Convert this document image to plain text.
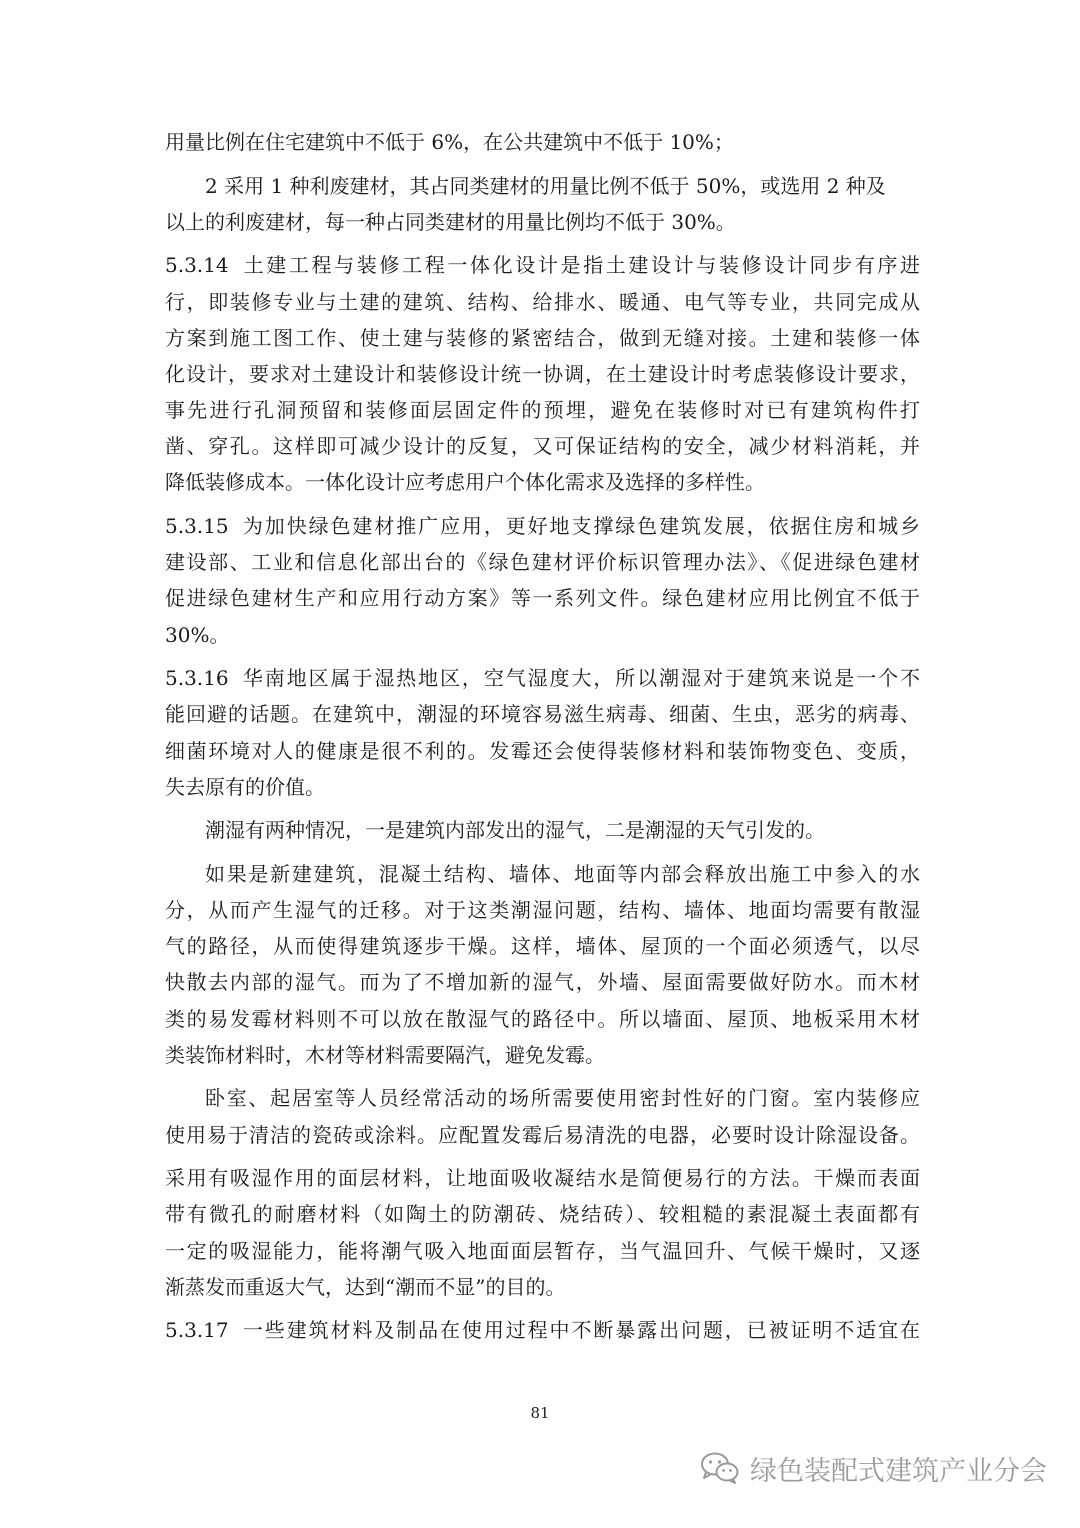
用量比例在住宅建筑中不低于 6%，在公共建筑中不低于 10%；
2 采用 1 种利废建材，其占同类建材的用量比例不低于 50%，或选用 2 种及
以上的利废建材，每一种占同类建材的用量比例均不低于 30%。
5.3.14 土建工程与装修工程一体化设计是指土建设计与装修设计同步有序进
行，即装修专业与土建的建筑、结构、给排水、暖通、电气等专业，共同完成从
方案到施工图工作、使土建与装修的紧密结合，做到无缝对接。土建和装修一体
化设计，要求对土建设计和装修设计统一协调，在土建设计时考虑装修设计要求，
事先进行孔洞预留和装修面层固定件的预埋，避免在装修时对已有建筑构件打
凿、穿孔。这样即可减少设计的反复，又可保证结构的安全，减少材料消耗，并
降低装修成本。一体化设计应考虑用户个体化需求及选择的多样性。
5.3.15 为加快绿色建材推广应用，更好地支撑绿色建筑发展，依据住房和城乡
建设部、工业和信息化部出台的《绿色建材评价标识管理办法》、《促进绿色建材
促进绿色建材生产和应用行动方案》等一系列文件。绿色建材应用比例宜不低于
30%。
5.3.16 华南地区属于湿热地区，空气湿度大，所以潮湿对于建筑来说是一个不
能回避的话题。在建筑中，潮湿的环境容易滋生病毒、细菌、生虫，恶劣的病毒、
细菌环境对人的健康是很不利的。发霉还会使得装修材料和装饰物变色、变质，
失去原有的价值。
潮湿有两种情况，一是建筑内部发出的湿气，二是潮湿的天气引发的。
如果是新建建筑，混凝土结构、墙体、地面等内部会释放出施工中参入的水
分，从而产生湿气的迁移。对于这类潮湿问题，结构、墙体、地面均需要有散湿
气的路径，从而使得建筑逐步干燥。这样，墙体、屋顶的一个面必须透气，以尽
快散去内部的湿气。而为了不增加新的湿气，外墙、屋面需要做好防水。而木材
类的易发霉材料则不可以放在散湿气的路径中。所以墙面、屋顶、地板采用木材
类装饰材料时，木材等材料需要隔汽，避免发霉。
卧室、起居室等人员经常活动的场所需要使用密封性好的门窗。室内装修应
使用易于清洁的瓷砖或涂料。应配置发霉后易清洗的电器，必要时设计除湿设备。
采用有吸湿作用的面层材料，让地面吸收凝结水是简便易行的方法。干燥而表面
带有微孔的耐磨材料（如陶土的防潮砖、烧结砖）、较粗糙的素混凝土表面都有
一定的吸湿能力，能将潮气吸入地面面层暂存，当气温回升、气候干燥时，又逐
渐蒸发而重返大气，达到“潮而不显”的目的。
5.3.17 一些建筑材料及制品在使用过程中不断暴露出问题，已被证明不适宜在
81
绿色装配式建筑产业分会
